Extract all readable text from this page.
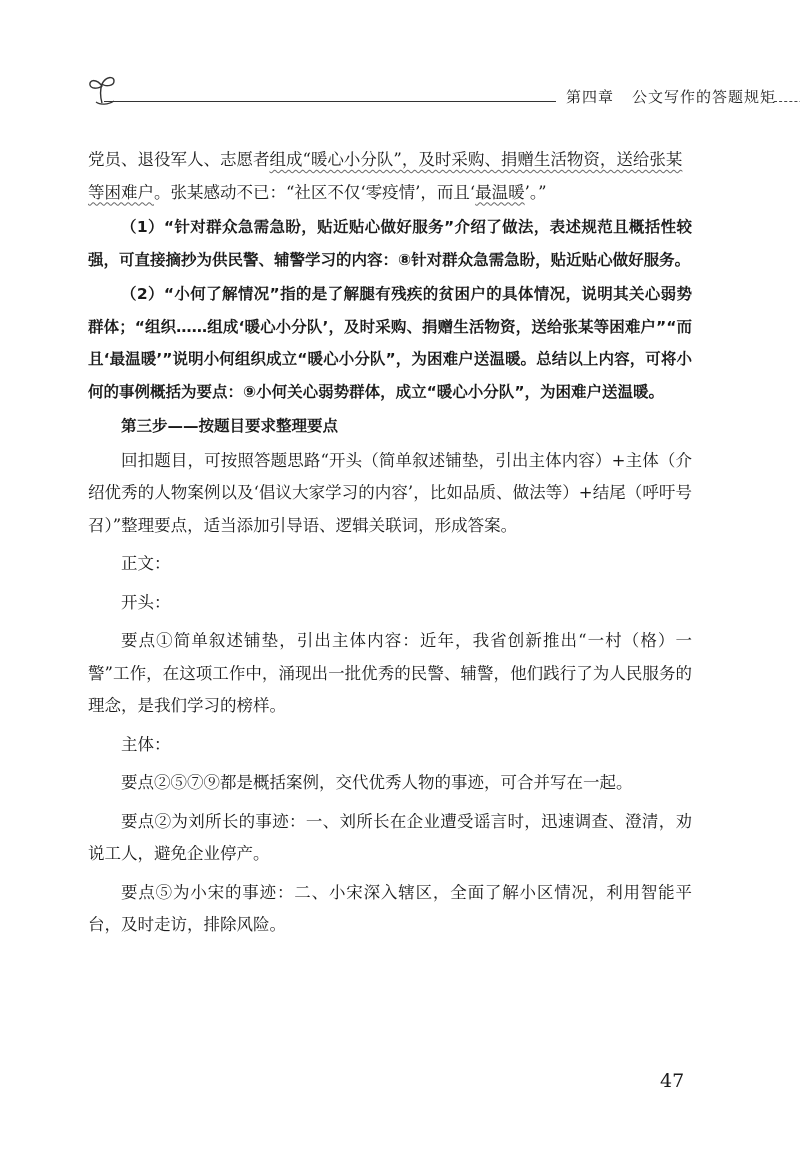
第四章 公文写作的答题规矩

党员、退役军人、志愿者组成“暖心小分队”，及时采购、捐赠生活物资，送给张某
等困难户。张某感动不已：“社区不仅‘零疫情’，而且‘最温暖’。”

（1）“针对群众急需急盼，贴近贴心做好服务”介绍了做法，表述规范且概括性较强，可直接摘抄为供民警、辅警学习的内容：⑧针对群众急需急盼，贴近贴心做好服务。

（2）“小何了解情况”指的是了解腿有残疾的贫困户的具体情况，说明其关心弱势群体；“组织……组成‘暖心小分队’，及时采购、捐赠生活物资，送给张某等困难户”“而且‘最温暖’”说明小何组织成立“暖心小分队”，为困难户送温暖。总结以上内容，可将小何的事例概括为要点：⑨小何关心弱势群体，成立“暖心小分队”，为困难户送温暖。

第三步——按题目要求整理要点

回扣题目，可按照答题思路“开头（简单叙述铺垫，引出主体内容）+主体（介绍优秀的人物案例以及‘倡议大家学习的内容’，比如品质、做法等）+结尾（呼吁号召）”整理要点，适当添加引导语、逻辑关联词，形成答案。

正文：

开头：

要点①简单叙述铺垫，引出主体内容：近年，我省创新推出“一村（格）一警”工作，在这项工作中，涌现出一批优秀的民警、辅警，他们践行了为人民服务的理念，是我们学习的榜样。

主体：

要点②⑤⑦⑨都是概括案例，交代优秀人物的事迹，可合并写在一起。

要点②为刘所长的事迹：一、刘所长在企业遭受谣言时，迅速调查、澄清，劝说工人，避免企业停产。

要点⑤为小宋的事迹：二、小宋深入辖区，全面了解小区情况，利用智能平台，及时走访，排除风险。

47
